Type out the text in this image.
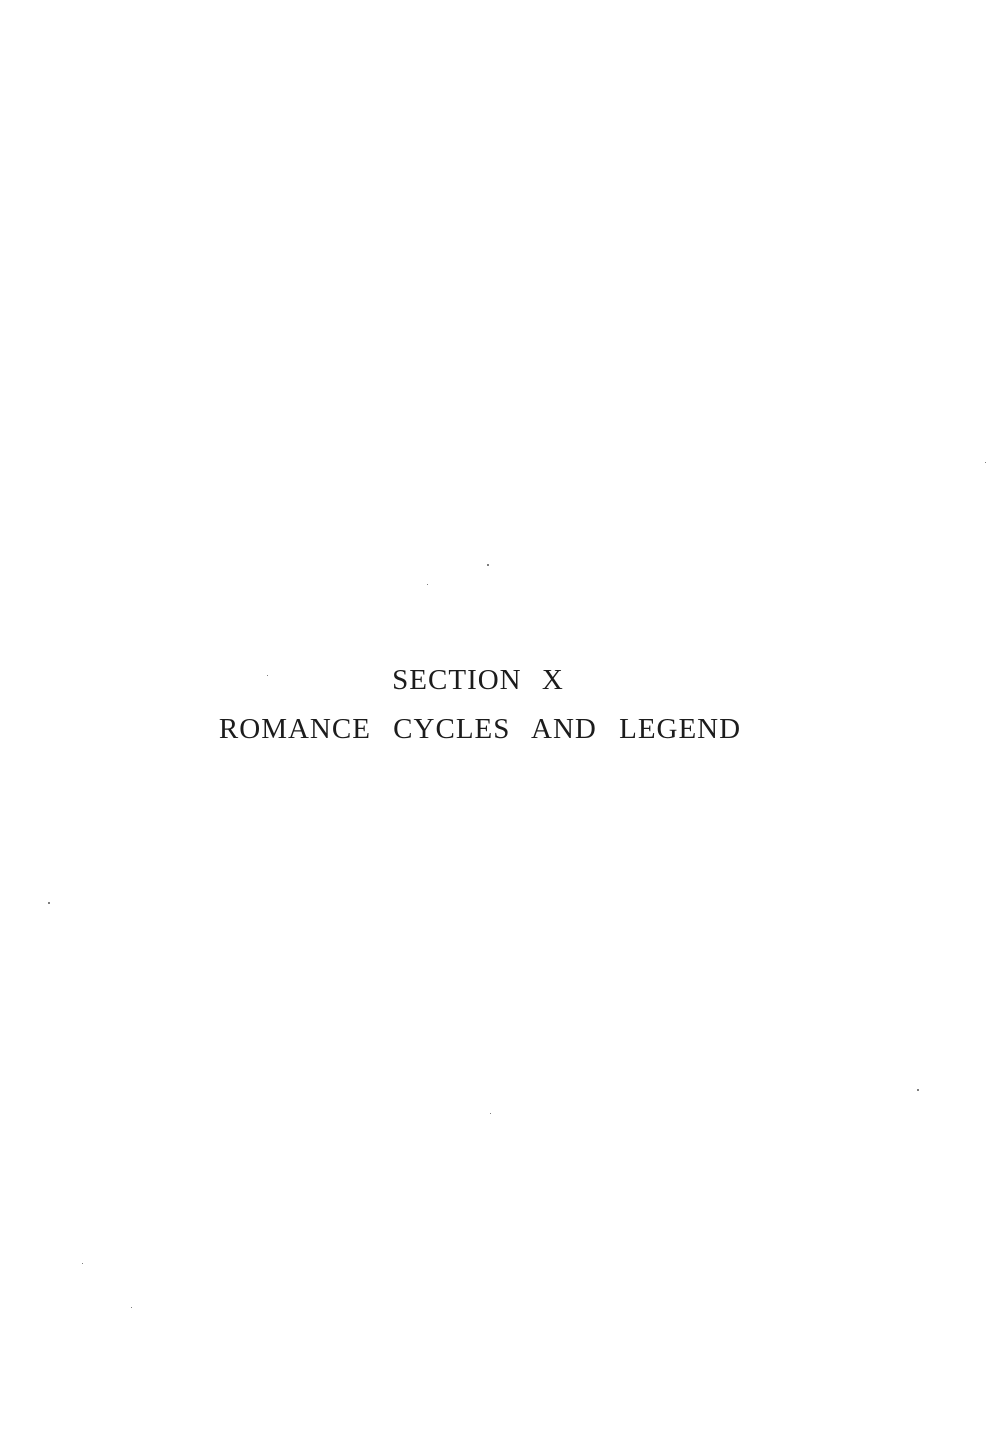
SECTION X
ROMANCE CYCLES AND LEGEND
